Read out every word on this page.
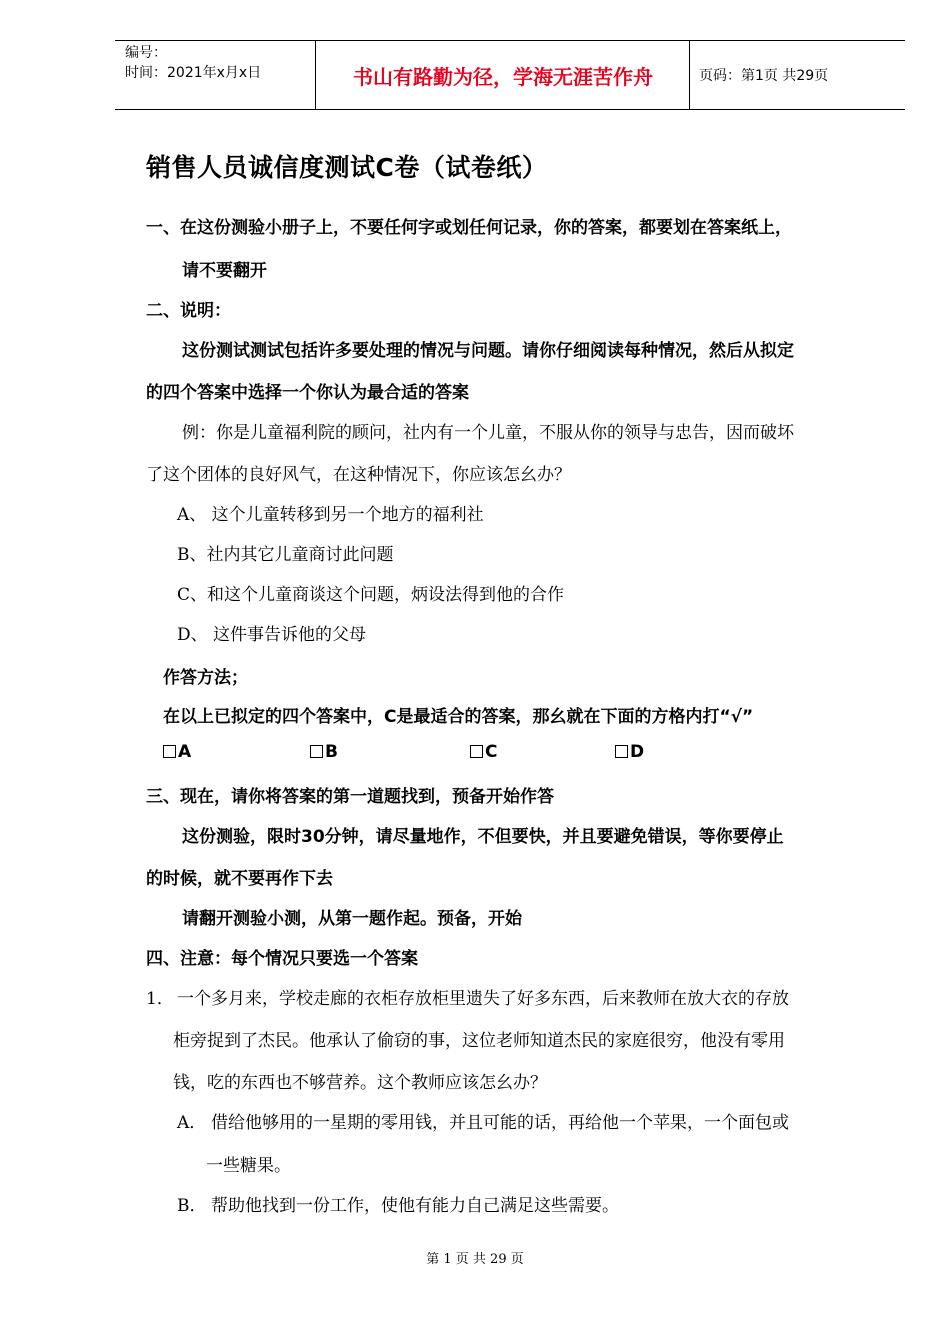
编号：
时间：2021年x月x日	书山有路勤为径，学海无涯苦作舟	页码：第1页 共29页
销售人员诚信度测试C卷（试卷纸）
一、在这份测验小册子上，不要任何字或划任何记录，你的答案，都要划在答案纸上，
请不要翻开
二、说明：
这份测试测试包括许多要处理的情况与问题。请你仔细阅读每种情况，然后从拟定
的四个答案中选择一个你认为最合适的答案
例：你是儿童福利院的顾问，社内有一个儿童，不服从你的领导与忠告，因而破坏
了这个团体的良好风气，在这种情况下，你应该怎幺办？
A、 这个儿童转移到另一个地方的福利社
B、社内其它儿童商讨此问题
C、和这个儿童商谈这个问题，炳设法得到他的合作
D、 这件事告诉他的父母
作答方法；
在以上已拟定的四个答案中，C是最适合的答案，那幺就在下面的方格内打“√”
A	B	C	D
三、现在，请你将答案的第一道题找到，预备开始作答
这份测验，限时30分钟，请尽量地作，不但要快，并且要避免错误，等你要停止
的时候，就不要再作下去
请翻开测验小测，从第一题作起。预备，开始
四、注意：每个情况只要选一个答案
1． 一个多月来，学校走廊的衣柜存放柜里遗失了好多东西，后来教师在放大衣的存放
柜旁捉到了杰民。他承认了偷窃的事，这位老师知道杰民的家庭很穷，他没有零用
钱，吃的东西也不够营养。这个教师应该怎幺办？
A． 借给他够用的一星期的零用钱，并且可能的话，再给他一个苹果，一个面包或
一些糖果。
B． 帮助他找到一份工作，使他有能力自己满足这些需要。
第 1 页 共 29 页
